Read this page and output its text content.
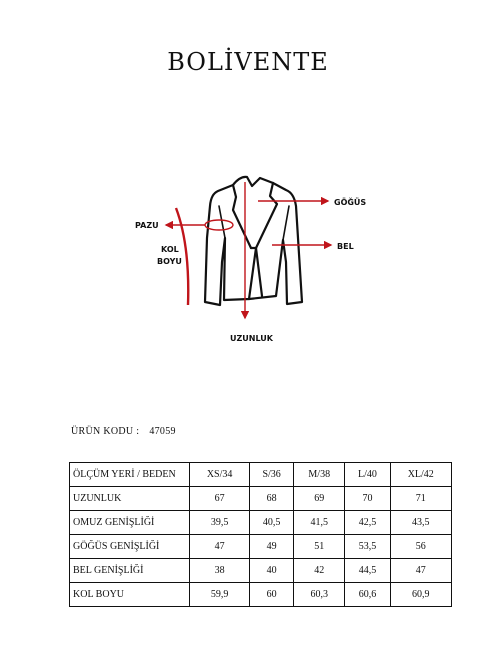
BOLİVENTE
GÖĞÜS
PAZU
BEL
KOL
BOYU
UZUNLUK
ÜRÜN KODU : 47059
ÖLÇÜM YERİ / BEDEN	XS/34	S/36	M/38	L/40	XL/42
UZUNLUK	67	68	69	70	71
OMUZ GENİŞLİĞİ	39,5	40,5	41,5	42,5	43,5
GÖĞÜS GENİŞLİĞİ	47	49	51	53,5	56
BEL GENİŞLİĞİ	38	40	42	44,5	47
KOL BOYU	59,9	60	60,3	60,6	60,9
